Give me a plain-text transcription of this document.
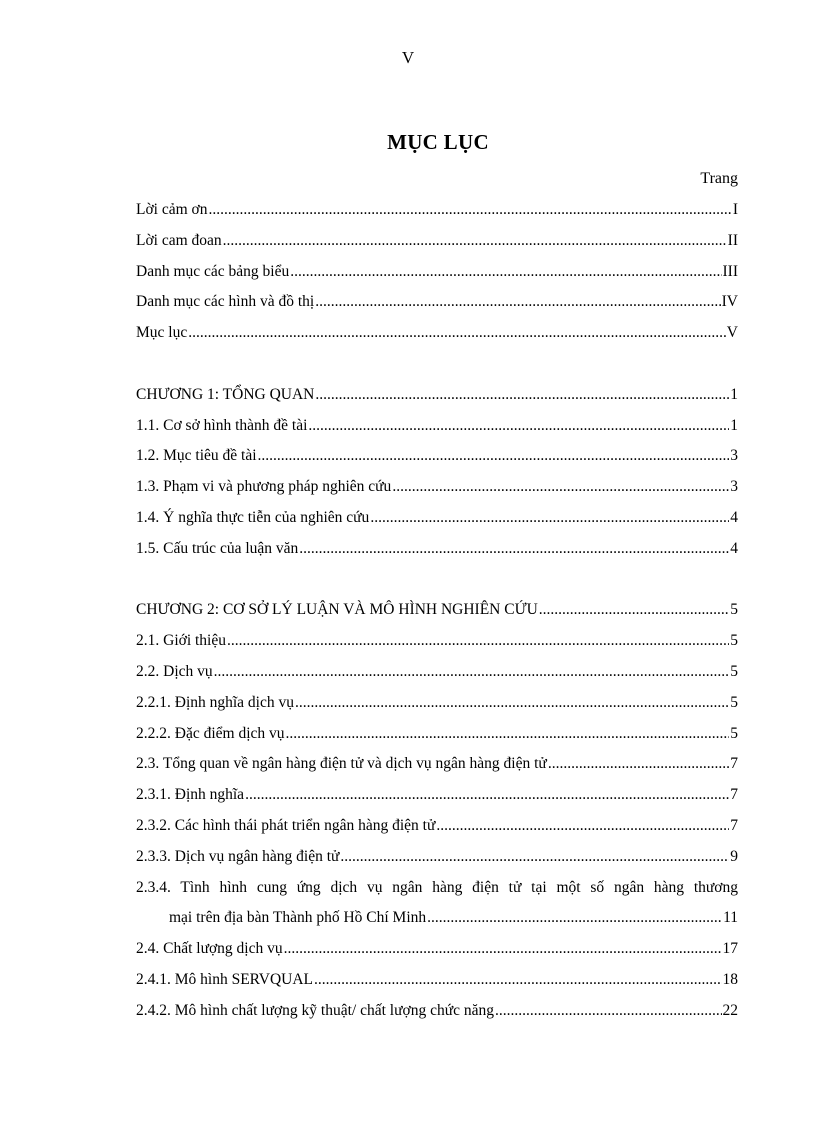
V
MỤC LỤC
Trang
Lời cảm ơn .....	I
Lời cam đoan .....	II
Danh mục các bảng biểu .....	III
Danh mục các hình và đồ thị .....	IV
Mục lục .....	V
CHƯƠNG 1: TỔNG QUAN .....	1
1.1. Cơ sở hình thành đề tài .....	1
1.2. Mục tiêu đề tài .....	3
1.3. Phạm vi và phương pháp nghiên cứu .....	3
1.4. Ý nghĩa thực tiễn của nghiên cứu .....	4
1.5. Cấu trúc của luận văn .....	4
CHƯƠNG 2: CƠ SỞ LÝ LUẬN VÀ MÔ HÌNH NGHIÊN CỨU .....	5
2.1. Giới thiệu .....	5
2.2. Dịch vụ .....	5
2.2.1. Định nghĩa dịch vụ .....	5
2.2.2. Đặc điểm dịch vụ .....	5
2.3. Tổng quan về ngân hàng điện tử và dịch vụ ngân hàng điện tử .....	7
2.3.1. Định nghĩa .....	7
2.3.2. Các hình thái phát triển ngân hàng điện tử .....	7
2.3.3. Dịch vụ ngân hàng điện tử .....	9
2.3.4. Tình hình cung ứng dịch vụ ngân hàng điện tử tại một số ngân hàng thương
mại trên địa bàn Thành phố Hồ Chí Minh .....	11
2.4. Chất lượng dịch vụ .....	17
2.4.1. Mô hình SERVQUAL .....	18
2.4.2. Mô hình chất lượng kỹ thuật/ chất lượng chức năng .....	22
